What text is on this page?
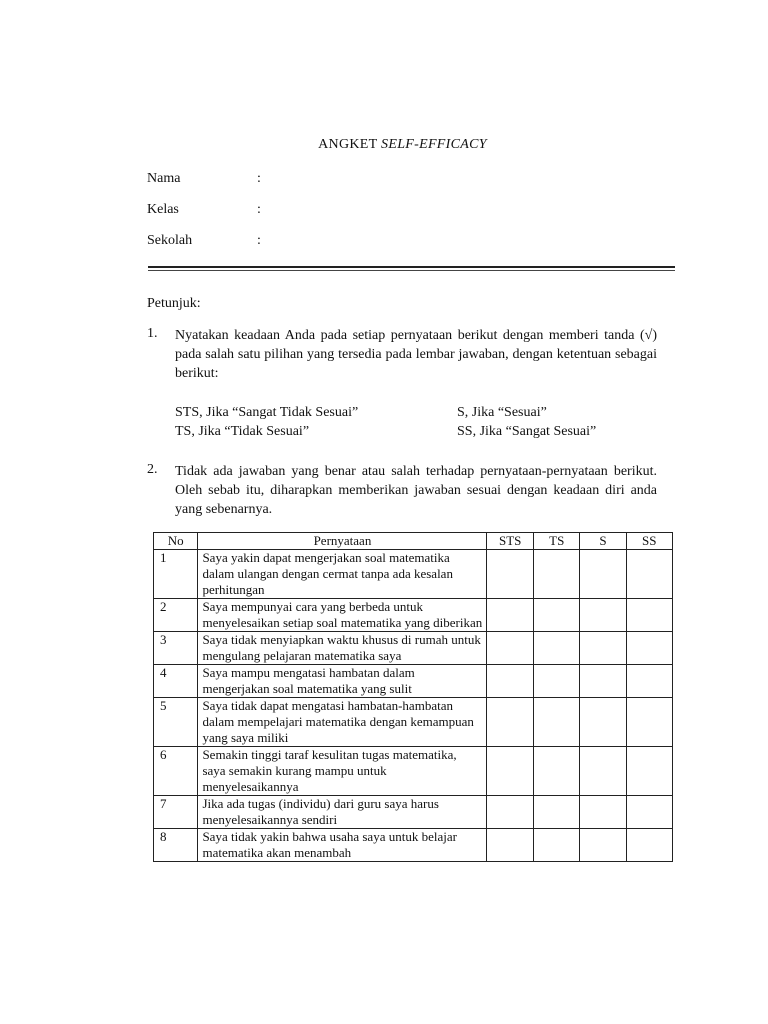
ANGKET SELF-EFFICACY
Nama	:
Kelas	:
Sekolah	:
Petunjuk:
1. Nyatakan keadaan Anda pada setiap pernyataan berikut dengan memberi tanda (√) pada salah satu pilihan yang tersedia pada lembar jawaban, dengan ketentuan sebagai berikut:
STS, Jika “Sangat Tidak Sesuai”	S, Jika “Sesuai”
TS, Jika “Tidak Sesuai”	SS, Jika “Sangat Sesuai”
2. Tidak ada jawaban yang benar atau salah terhadap pernyataan-pernyataan berikut. Oleh sebab itu, diharapkan memberikan jawaban sesuai dengan keadaan diri anda yang sebenarnya.
No	Pernyataan	STS	TS	S	SS
1	Saya yakin dapat mengerjakan soal matematika dalam ulangan dengan cermat tanpa ada kesalan perhitungan				
2	Saya mempunyai cara yang berbeda untuk menyelesaikan setiap soal matematika yang diberikan				
3	Saya tidak menyiapkan waktu khusus di rumah untuk mengulang pelajaran matematika saya				
4	Saya mampu mengatasi hambatan dalam mengerjakan soal matematika yang sulit				
5	Saya tidak dapat mengatasi hambatan-hambatan dalam mempelajari matematika dengan kemampuan yang saya miliki				
6	Semakin tinggi taraf kesulitan tugas matematika, saya semakin kurang mampu untuk menyelesaikannya				
7	Jika ada tugas (individu) dari guru saya harus menyelesaikannya sendiri				
8	Saya tidak yakin bahwa usaha saya untuk belajar matematika akan menambah				
